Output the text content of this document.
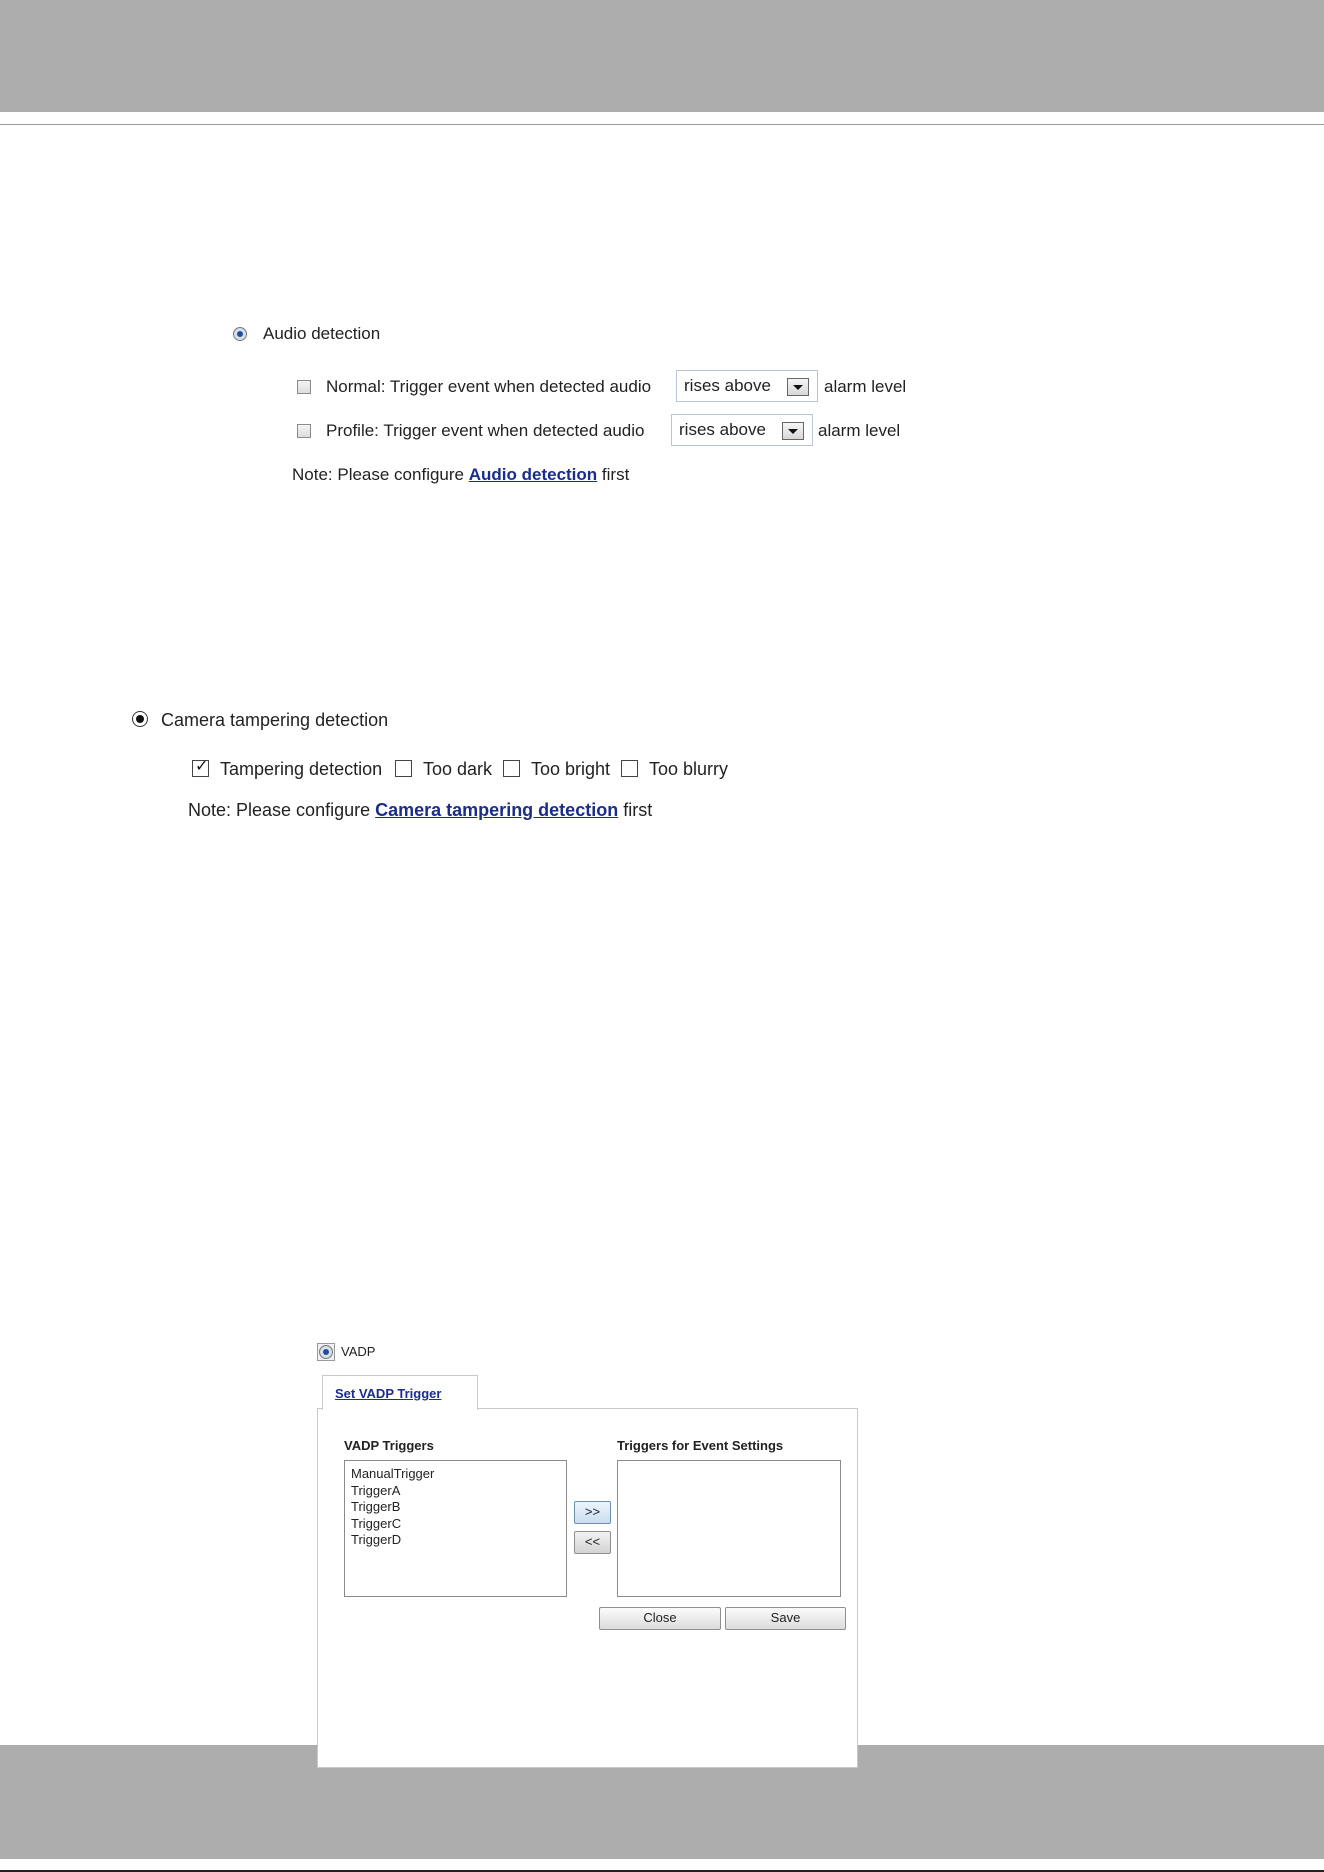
Audio detection
Normal: Trigger event when detected audio	rises above	alarm level
Profile: Trigger event when detected audio	rises above	alarm level
Note: Please configure Audio detection first
Camera tampering detection
✓ Tampering detection Too dark Too bright Too blurry
Note: Please configure Camera tampering detection first
VADP
Set VADP Trigger
VADP Triggers	Triggers for Event Settings
ManualTrigger
TriggerA
TriggerB
TriggerC
TriggerD
>>
<<
Close	Save
